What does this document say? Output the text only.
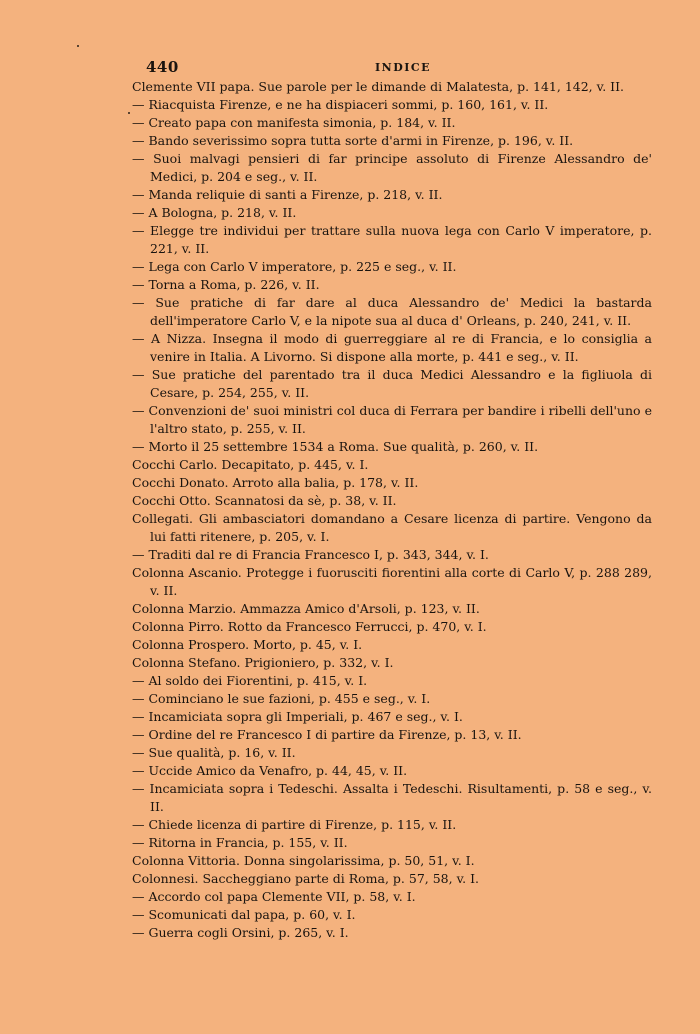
440	INDICE

Clemente VII papa. Sue parole per le dimande di Malatesta, p. 141, 142, v. II.

— Riacquista Firenze, e ne ha dispiaceri sommi, p. 160, 161, v. II.

— Creato papa con manifesta simonia, p. 184, v. II.

— Bando severissimo sopra tutta sorte d'armi in Firenze, p. 196, v. II.

— Suoi malvagi pensieri di far principe assoluto di Firenze Alessandro de' Medici, p. 204 e seg., v. II.

— Manda reliquie di santi a Firenze, p. 218, v. II.

— A Bologna, p. 218, v. II.

— Elegge tre individui per trattare sulla nuova lega con Carlo V imperatore, p. 221, v. II.

— Lega con Carlo V imperatore, p. 225 e seg., v. II.

— Torna a Roma, p. 226, v. II.

— Sue pratiche di far dare al duca Alessandro de' Medici la bastarda dell'imperatore Carlo V, e la nipote sua al duca d' Orleans, p. 240, 241, v. II.

— A Nizza. Insegna il modo di guerreggiare al re di Francia, e lo consiglia a venire in Italia. A Livorno. Si dispone alla morte, p. 441 e seg., v. II.

— Sue pratiche del parentado tra il duca Medici Alessandro e la figliuola di Cesare, p. 254, 255, v. II.

— Convenzioni de' suoi ministri col duca di Ferrara per bandire i ribelli dell'uno e l'altro stato, p. 255, v. II.

— Morto il 25 settembre 1534 a Roma. Sue qualità, p. 260, v. II.

Cocchi Carlo. Decapitato, p. 445, v. I.

Cocchi Donato. Arroto alla balia, p. 178, v. II.

Cocchi Otto. Scannatosi da sè, p. 38, v. II.

Collegati. Gli ambasciatori domandano a Cesare licenza di partire. Vengono da lui fatti ritenere, p. 205, v. I.

— Traditi dal re di Francia Francesco I, p. 343, 344, v. I.

Colonna Ascanio. Protegge i fuorusciti fiorentini alla corte di Carlo V, p. 288 289, v. II.

Colonna Marzio. Ammazza Amico d'Arsoli, p. 123, v. II.

Colonna Pirro. Rotto da Francesco Ferrucci, p. 470, v. I.

Colonna Prospero. Morto, p. 45, v. I.

Colonna Stefano. Prigioniero, p. 332, v. I.

— Al soldo dei Fiorentini, p. 415, v. I.

— Cominciano le sue fazioni, p. 455 e seg., v. I.

— Incamiciata sopra gli Imperiali, p. 467 e seg., v. I.

— Ordine del re Francesco I di partire da Firenze, p. 13, v. II.

— Sue qualità, p. 16, v. II.

— Uccide Amico da Venafro, p. 44, 45, v. II.

— Incamiciata sopra i Tedeschi. Assalta i Tedeschi. Risultamenti, p. 58 e seg., v. II.

— Chiede licenza di partire di Firenze, p. 115, v. II.

— Ritorna in Francia, p. 155, v. II.

Colonna Vittoria. Donna singolarissima, p. 50, 51, v. I.

Colonnesi. Saccheggiano parte di Roma, p. 57, 58, v. I.

— Accordo col papa Clemente VII, p. 58, v. I.

— Scomunicati dal papa, p. 60, v. I.

— Guerra cogli Orsini, p. 265, v. I.
